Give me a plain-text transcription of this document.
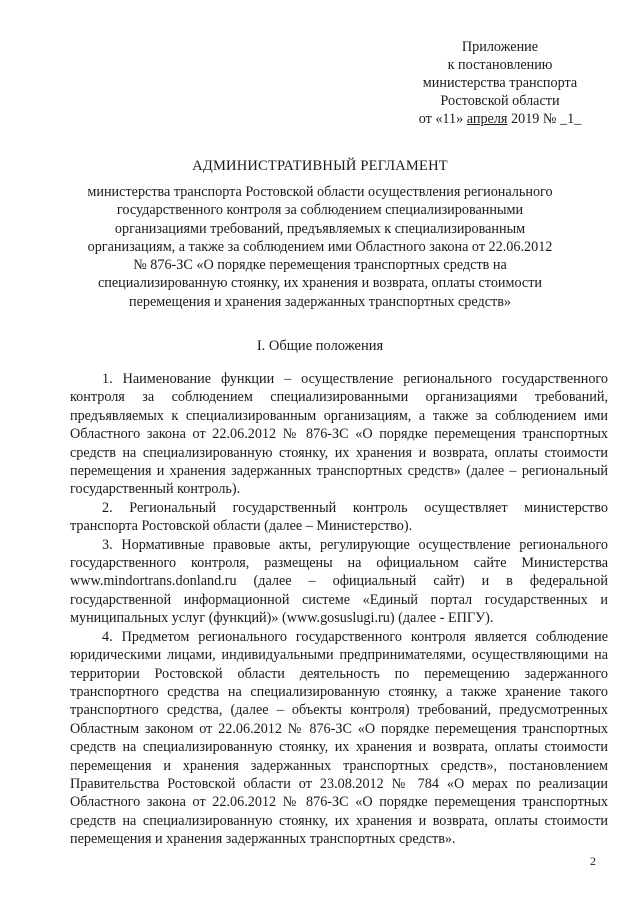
Приложение
к постановлению
министерства транспорта
Ростовской области
от «11» апреля 2019 № _1_
АДМИНИСТРАТИВНЫЙ РЕГЛАМЕНТ
министерства транспорта Ростовской области осуществления регионального государственного контроля за соблюдением специализированными организациями требований, предъявляемых к специализированным организациям, а также за соблюдением ими Областного закона от 22.06.2012 № 876-ЗС «О порядке перемещения транспортных средств на специализированную стоянку, их хранения и возврата, оплаты стоимости перемещения и хранения задержанных транспортных средств»
I. Общие положения

1. Наименование функции – осуществление регионального государственного контроля за соблюдением специализированными организациями требований, предъявляемых к специализированным организациям, а также за соблюдением ими Областного закона от 22.06.2012 № 876-ЗС «О порядке перемещения транспортных средств на специализированную стоянку, их хранения и возврата, оплаты стоимости перемещения и хранения задержанных транспортных средств» (далее – региональный государственный контроль).

2. Региональный государственный контроль осуществляет министерство транспорта Ростовской области (далее – Министерство).

3. Нормативные правовые акты, регулирующие осуществление регионального государственного контроля, размещены на официальном сайте Министерства www.mindortrans.donland.ru (далее – официальный сайт) и в федеральной государственной информационной системе «Единый портал государственных и муниципальных услуг (функций)» (www.gosuslugi.ru) (далее - ЕПГУ).

4. Предметом регионального государственного контроля является соблюдение юридическими лицами, индивидуальными предпринимателями, осуществляющими на территории Ростовской области деятельность по перемещению задержанного транспортного средства на специализированную стоянку, а также хранение такого транспортного средства, (далее – объекты контроля) требований, предусмотренных Областным законом от 22.06.2012 № 876-ЗС «О порядке перемещения транспортных средств на специализированную стоянку, их хранения и возврата, оплаты стоимости перемещения и хранения задержанных транспортных средств», постановлением Правительства Ростовской области от 23.08.2012 № 784 «О мерах по реализации Областного закона от 22.06.2012 № 876-ЗС «О порядке перемещения транспортных средств на специализированную стоянку, их хранения и возврата, оплаты стоимости перемещения и хранения задержанных транспортных средств».

2
